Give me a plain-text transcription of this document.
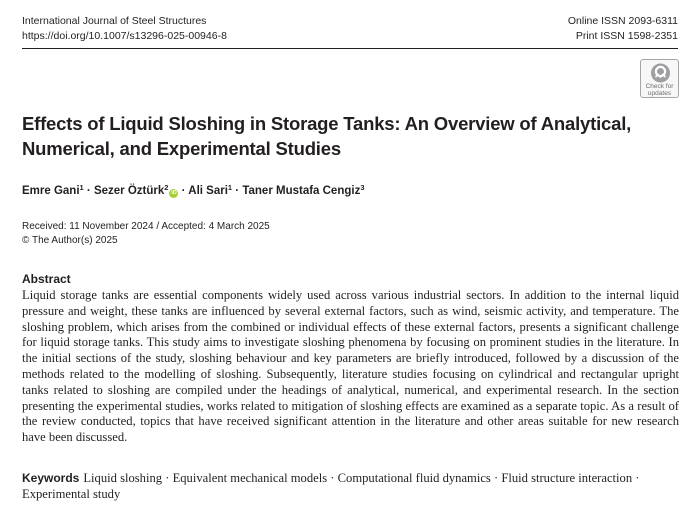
International Journal of Steel Structures
https://doi.org/10.1007/s13296-025-00946-8
Online ISSN 2093-6311
Print ISSN 1598-2351
Check for
updates
Effects of Liquid Sloshing in Storage Tanks: An Overview of Analytical,
Numerical, and Experimental Studies
Emre Gani$^1$ · Sezer Öztürk$^2$iD · Ali Sari$^1$ · Taner Mustafa Cengiz$^3$
Received: 11 November 2024 / Accepted: 4 March 2025
© The Author(s) 2025
Abstract

Liquid storage tanks are essential components widely used across various industrial sectors. In addition to the internal liquid pressure and weight, these tanks are influenced by several external factors, such as wind, seismic activity, and temperature. The sloshing problem, which arises from the combined or individual effects of these external factors, presents a significant challenge for liquid storage tanks. This study aims to investigate sloshing phenomena by focusing on prominent studies in the literature. In the initial sections of the study, sloshing behaviour and key parameters are briefly introduced, followed by a discussion of the methods related to the modelling of sloshing. Subsequently, literature studies focusing on cylindrical and rectangular upright tanks related to sloshing are compiled under the headings of analytical, numerical, and experimental research. In the section presenting the experimental studies, works related to mitigation of sloshing effects are examined as a separate topic. As a result of the review conducted, topics that have received significant attention in the literature and other areas suitable for new research have been discussed.

Keywords Liquid sloshing · Equivalent mechanical models · Computational fluid dynamics · Fluid structure interaction · Experimental study
